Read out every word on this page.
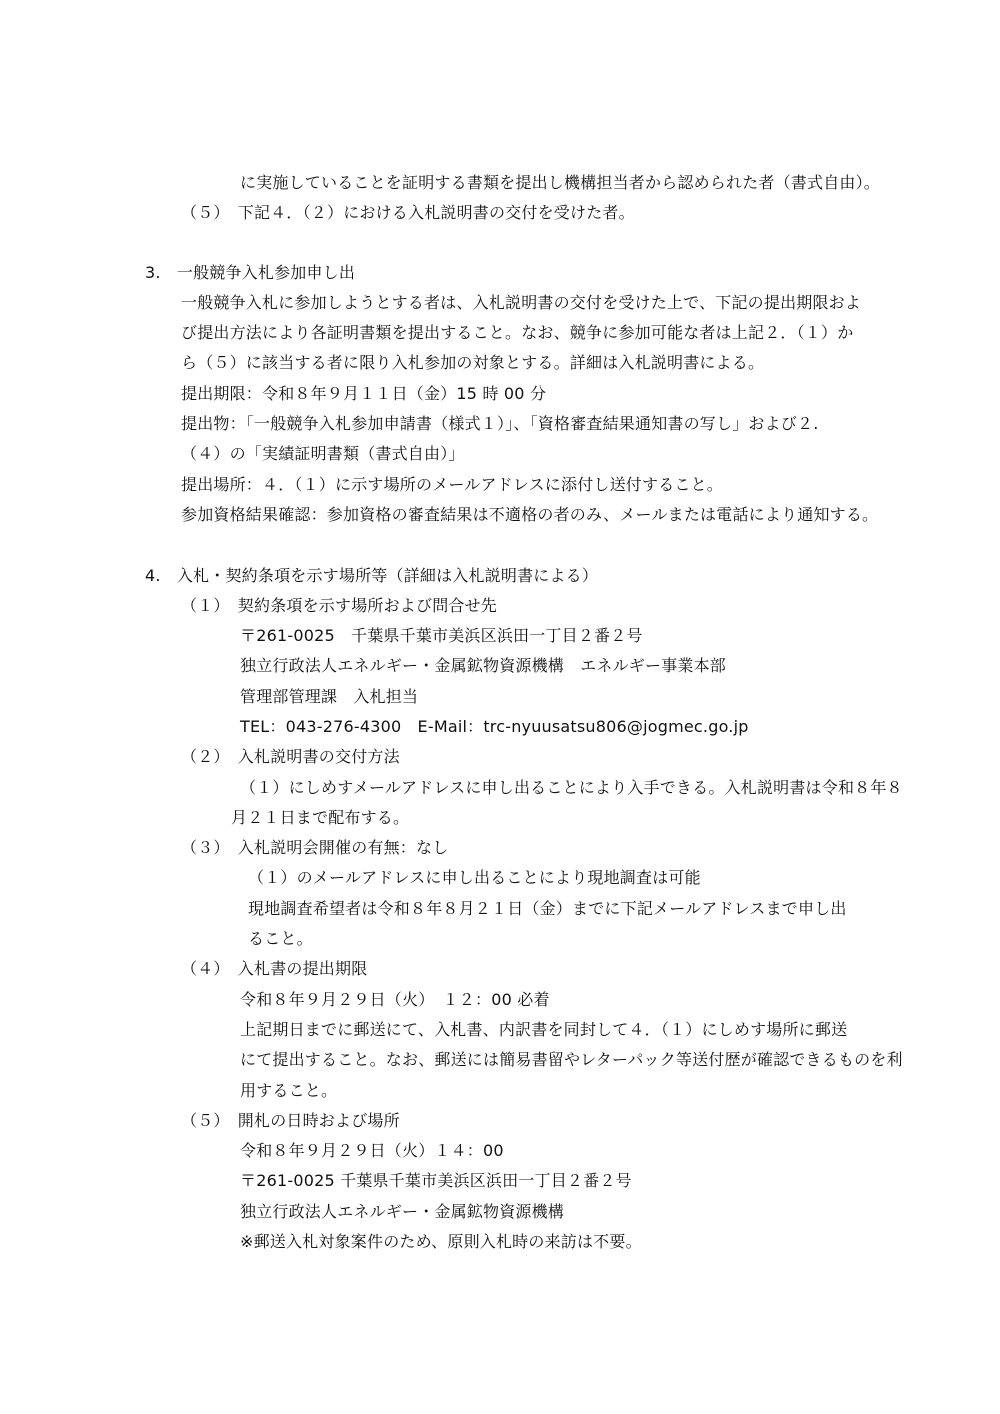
に実施していることを証明する書類を提出し機構担当者から認められた者（書式自由）。
（５）　下記４．（２）における入札説明書の交付を受けた者。
3.　一般競争入札参加申し出
一般競争入札に参加しようとする者は、入札説明書の交付を受けた上で、下記の提出期限およ
び提出方法により各証明書類を提出すること。なお、競争に参加可能な者は上記２．（１）か
ら（５）に該当する者に限り入札参加の対象とする。詳細は入札説明書による。
提出期限：令和８年９月１１日（金）15 時 00 分
提出物：「一般競争入札参加申請書（様式１）」、「資格審査結果通知書の写し」および２.
（４）の「実績証明書類（書式自由）」
提出場所：４．（１）に示す場所のメールアドレスに添付し送付すること。
参加資格結果確認：参加資格の審査結果は不適格の者のみ、メールまたは電話により通知する。
4.　入札・契約条項を示す場所等（詳細は入札説明書による）
（１）　契約条項を示す場所および問合せ先
〒261-0025　千葉県千葉市美浜区浜田一丁目２番２号
独立行政法人エネルギー・金属鉱物資源機構　エネルギー事業本部
管理部管理課　入札担当
TEL：043-276-4300　E-Mail：trc-nyuusatsu806@jogmec.go.jp
（２）　入札説明書の交付方法
（１）にしめすメールアドレスに申し出ることにより入手できる。入札説明書は令和８年８
月２１日まで配布する。
（３）　入札説明会開催の有無：なし
（１）のメールアドレスに申し出ることにより現地調査は可能
現地調査希望者は令和８年８月２１日（金）までに下記メールアドレスまで申し出
ること。
（４）　入札書の提出期限
令和８年９月２９日（火）　１２：00 必着
上記期日までに郵送にて、入札書、内訳書を同封して４．（１）にしめす場所に郵送
にて提出すること。なお、郵送には簡易書留やレターパック等送付歴が確認できるものを利
用すること。
（５）　開札の日時および場所
令和８年９月２９日（火）１４：00
〒261-0025 千葉県千葉市美浜区浜田一丁目２番２号
独立行政法人エネルギー・金属鉱物資源機構
※郵送入札対象案件のため、原則入札時の来訪は不要。
